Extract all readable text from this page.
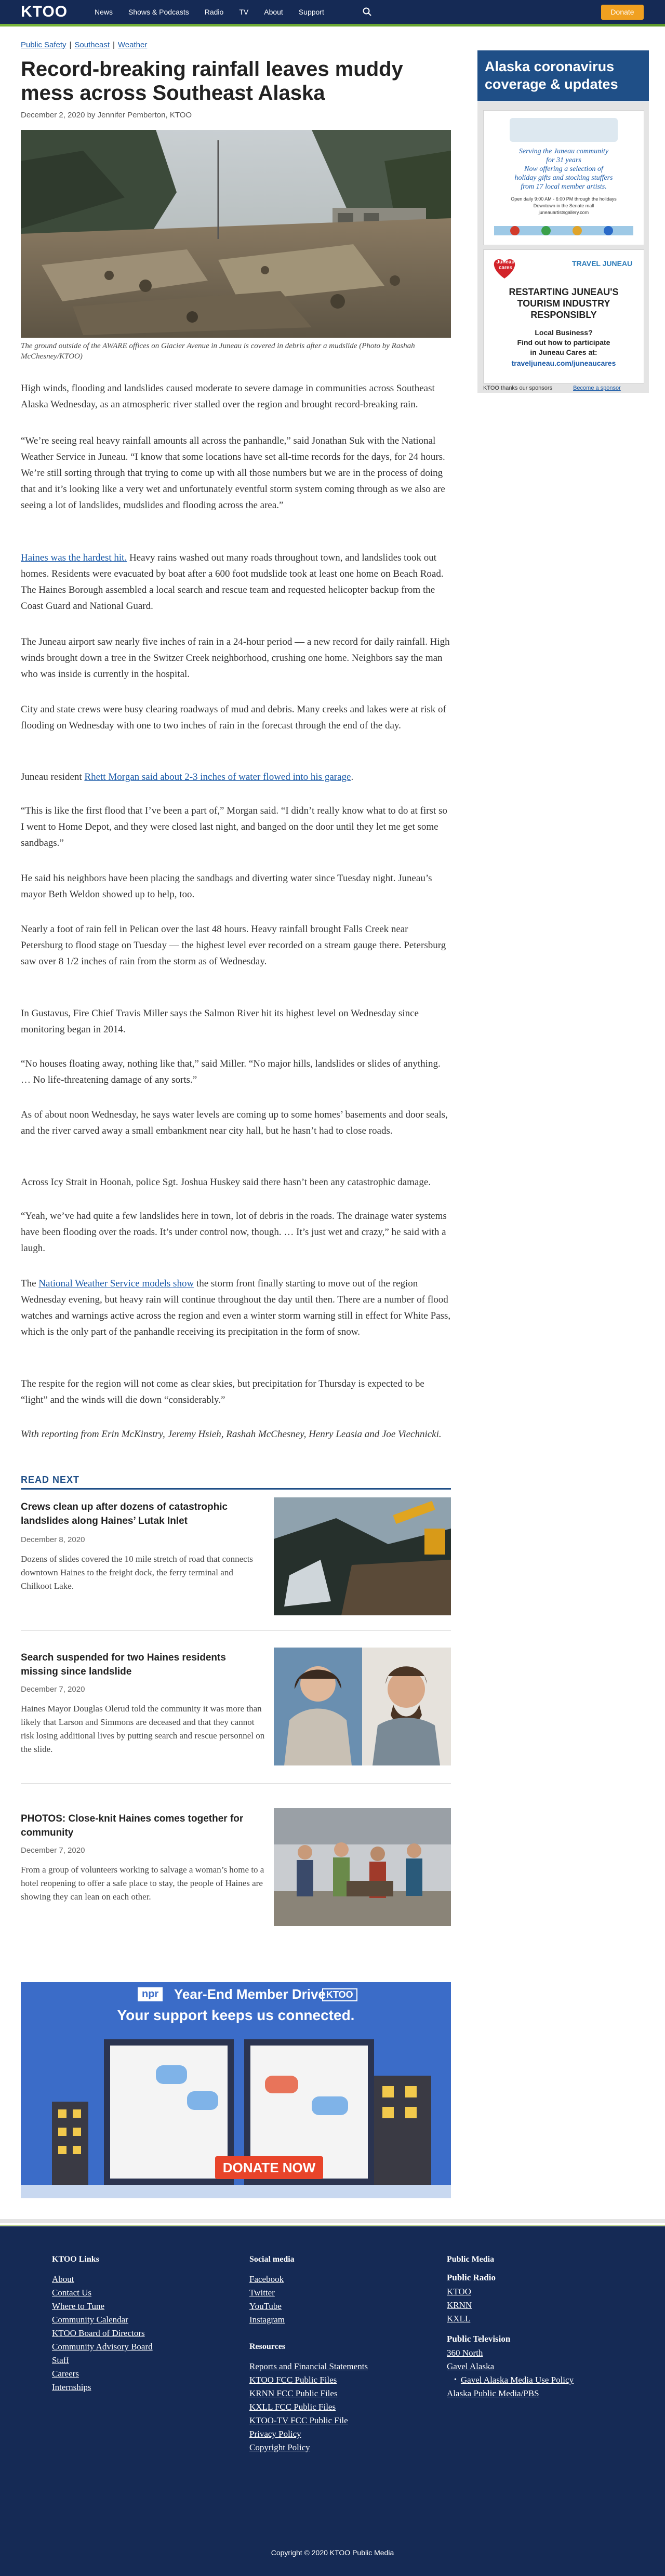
KTOO	News Shows & Podcasts Radio TV About Support	Donate
Public Safety | Southeast | Weather
Record-breaking rainfall leaves muddy mess across Southeast Alaska
December 2, 2020 by Jennifer Pemberton, KTOO
The ground outside of the AWARE offices on Glacier Avenue in Juneau is covered in debris after a mudslide (Photo by Rashah McChesney/KTOO)

High winds, flooding and landslides caused moderate to severe damage in communities across Southeast Alaska Wednesday, as an atmospheric river stalled over the region and brought record-breaking rain.

“We’re seeing real heavy rainfall amounts all across the panhandle,” said Jonathan Suk with the National Weather Service in Juneau. “I know that some locations have set all-time records for the days, for 24 hours. We’re still sorting through that trying to come up with all those numbers but we are in the process of doing that and it’s looking like a very wet and unfortunately eventful storm system coming through as we also are seeing a lot of landslides, mudslides and flooding across the area.”

Haines was the hardest hit. Heavy rains washed out many roads throughout town, and landslides took out homes. Residents were evacuated by boat after a 600 foot mudslide took at least one home on Beach Road. The Haines Borough assembled a local search and rescue team and requested helicopter backup from the Coast Guard and National Guard.

The Juneau airport saw nearly five inches of rain in a 24-hour period — a new record for daily rainfall. High winds brought down a tree in the Switzer Creek neighborhood, crushing one home. Neighbors say the man who was inside is currently in the hospital.

City and state crews were busy clearing roadways of mud and debris. Many creeks and lakes were at risk of flooding on Wednesday with one to two inches of rain in the forecast through the end of the day.

Juneau resident Rhett Morgan said about 2-3 inches of water flowed into his garage.

“This is like the first flood that I’ve been a part of,” Morgan said. “I didn’t really know what to do at first so I went to Home Depot, and they were closed last night, and banged on the door until they let me get some sandbags.”

He said his neighbors have been placing the sandbags and diverting water since Tuesday night. Juneau’s mayor Beth Weldon showed up to help, too.

Nearly a foot of rain fell in Pelican over the last 48 hours. Heavy rainfall brought Falls Creek near Petersburg to flood stage on Tuesday — the highest level ever recorded on a stream gauge there. Petersburg saw over 8 1/2 inches of rain from the storm as of Wednesday.

In Gustavus, Fire Chief Travis Miller says the Salmon River hit its highest level on Wednesday since monitoring began in 2014.

“No houses floating away, nothing like that,” said Miller. “No major hills, landslides or slides of anything. … No life-threatening damage of any sorts.”

As of about noon Wednesday, he says water levels are coming up to some homes’ basements and door seals, and the river carved away a small embankment near city hall, but he hasn’t had to close roads.

Across Icy Strait in Hoonah, police Sgt. Joshua Huskey said there hasn’t been any catastrophic damage.

“Yeah, we’ve had quite a few landslides here in town, lot of debris in the roads. The drainage water systems have been flooding over the roads. It’s under control now, though. … It’s just wet and crazy,” he said with a laugh.

The National Weather Service models show the storm front finally starting to move out of the region Wednesday evening, but heavy rain will continue throughout the day until then. There are a number of flood watches and warnings active across the region and even a winter storm warning still in effect for White Pass, which is the only part of the panhandle receiving its precipitation in the form of snow.

The respite for the region will not come as clear skies, but precipitation for Thursday is expected to be “light” and the winds will die down “considerably.”

With reporting from Erin McKinstry, Jeremy Hsieh, Rashah McChesney, Henry Leasia and Joe Viechnicki.

Alaska coronavirus coverage & updates
Serving the Juneau community
for 31 years
Now offering a selection of
holiday gifts and stocking stuffers
from 17 local member artists.
Open daily 9:00 AM - 6:00 PM through the holidays
Downtown in the Senate mall
juneauartistsgallery.com
Juneau cares
TRAVEL JUNEAU
RESTARTING JUNEAU'S TOURISM INDUSTRY RESPONSIBLY
Local Business?
Find out how to participate
in Juneau Cares at:
traveljuneau.com/juneaucares
KTOO thanks our sponsors	Become a sponsor
READ NEXT
Crews clean up after dozens of catastrophic landslides along Haines’ Lutak Inlet
December 8, 2020

Dozens of slides covered the 10 mile stretch of road that connects downtown Haines to the freight dock, the ferry terminal and Chilkoot Lake.

Search suspended for two Haines residents missing since landslide
December 7, 2020

Haines Mayor Douglas Olerud told the community it was more than likely that Larson and Simmons are deceased and that they cannot risk losing additional lives by putting search and rescue personnel on the slide.

PHOTOS: Close-knit Haines comes together for community
December 7, 2020

From a group of volunteers working to salvage a woman’s home to a hotel reopening to offer a safe place to stay, the people of Haines are showing they can lean on each other.

npr	Year-End Member Drive KTOO
Your support keeps us connected.
DONATE NOW
KTOO Links
About
Contact Us
Where to Tune
Community Calendar
KTOO Board of Directors
Community Advisory Board
Staff
Careers
Internships
Social media
Facebook
Twitter
YouTube
Instagram
Resources
Reports and Financial Statements
KTOO FCC Public Files
KRNN FCC Public Files
KXLL FCC Public Files
KTOO-TV FCC Public File
Privacy Policy
Copyright Policy
Public Media
Public Radio
KTOO
KRNN
KXLL
Public Television
360 North
Gavel Alaska
• Gavel Alaska Media Use Policy
Alaska Public Media/PBS
Copyright © 2020 KTOO Public Media
